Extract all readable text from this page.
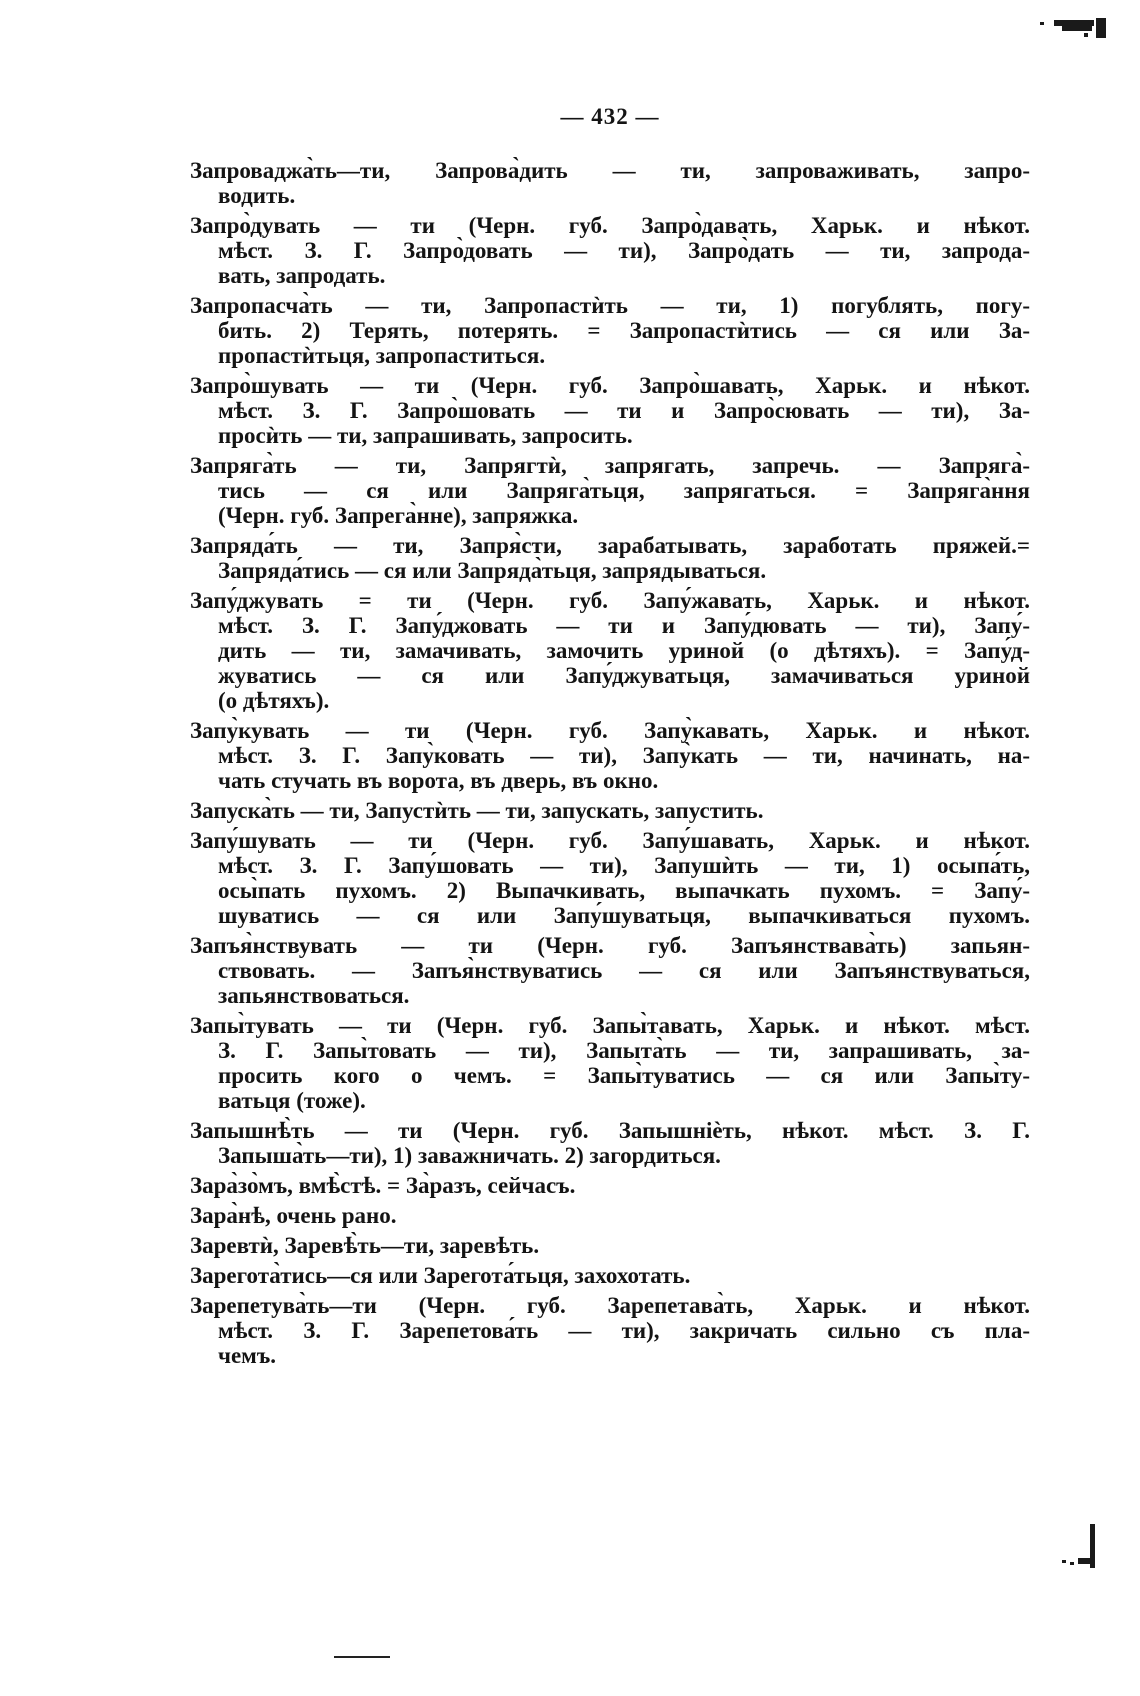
— 432 —
Запроваджа̀ть—ти, Запрова̀дить — ти, запроваживать, запро-
водить.
Запро̀дувать — ти (Черн. губ. Запро̀давать, Харьк. и нѣкот.
мѣст. З. Г. Запро̀довать — ти), Запро̀дать — ти, запрода-
вать, запродать.
Запропасча̀ть — ти, Запропастѝть — ти, 1) погублять, погу-
бить. 2) Терять, потерять. = Запропастѝтись — ся или За-
пропастѝтьця, запропаститься.
Запро̀шувать — ти (Черн. губ. Запро̀шавать, Харьк. и нѣкот.
мѣст. З. Г. Запро̀шовать — ти и Запро̀сювать — ти), За-
просѝть — ти, запрашивать, запросить.
Запряга̀ть — ти, Запрягтѝ, запрягать, запречь. — Запряга̀-
тись — ся или Запряга̀тьця, запрягаться. = Запряга̀ння
(Черн. губ. Запрега̀нне), запряжка.
Запряда́ть — ти, Запря̀сти, зарабатывать, заработать пряжей.=
Запряда́тись — ся или Запряда̀тьця, запрядываться.
Запу́джувать = ти (Черн. губ. Запу́жавать, Харьк. и нѣкот.
мѣст. З. Г. Запу́джовать — ти и Запу́дювать — ти), Запу́-
дить — ти, замачивать, замочить уриной (о дѣтяхъ). = Запу́д-
жуватись — ся или Запу́джуватьця, замачиваться уриной
(о дѣтяхъ).
Запу̀кувать — ти (Черн. губ. Запу̀кавать, Харьк. и нѣкот.
мѣст. З. Г. Запу̀ковать — ти), Запу̀кать — ти, начинать, на-
чать стучать въ ворота, въ дверь, въ окно.
Запуска̀ть — ти, Запустѝть — ти, запускать, запустить.
Запу́шувать — ти (Черн. губ. Запу́шавать, Харьк. и нѣкот.
мѣст. З. Г. Запу́шовать — ти), Запушѝть — ти, 1) осыпа́ть,
осы̀пать пухомъ. 2) Выпачкивать, выпачкать пухомъ. = Запу́-
шуватись — ся или Запу́шуватьця, выпачкиваться пухомъ.
Запъя̀нствувать — ти (Черн. губ. Запъянствава̀ть) запьян-
ствовать. — Запъя̀нствуватись — ся или Запъянствуваться,
запьянствоваться.
Запы̀тувать — ти (Черн. губ. Запы̀тавать, Харьк. и нѣкот. мѣст.
З. Г. Запы̀товать — ти), Запыта̀ть — ти, запрашивать, за-
просить кого о чемъ. = Запы̀туватись — ся или Запы̀ту-
ватьця (тоже).
Запышнѣ̀ть — ти (Черн. губ. Запышніѐть, нѣкот. мѣст. З. Г.
Запыша̀ть—ти), 1) заважничать. 2) загордиться.
Зара̀зо̀мъ, вмѣ̀стѣ. = За̀разъ, сейчасъ.
Зара̀нѣ, очень рано.
Заревтѝ, Заревѣ̀ть—ти, заревѣть.
Зарегота̀тись—ся или Зарегота́тьця, захохотать.
Зарепетува̀ть—ти (Черн. губ. Зарепетава̀ть, Харьк. и нѣкот.
мѣст. З. Г. Зарепетова́ть — ти), закричать сильно съ пла-
чемъ.
